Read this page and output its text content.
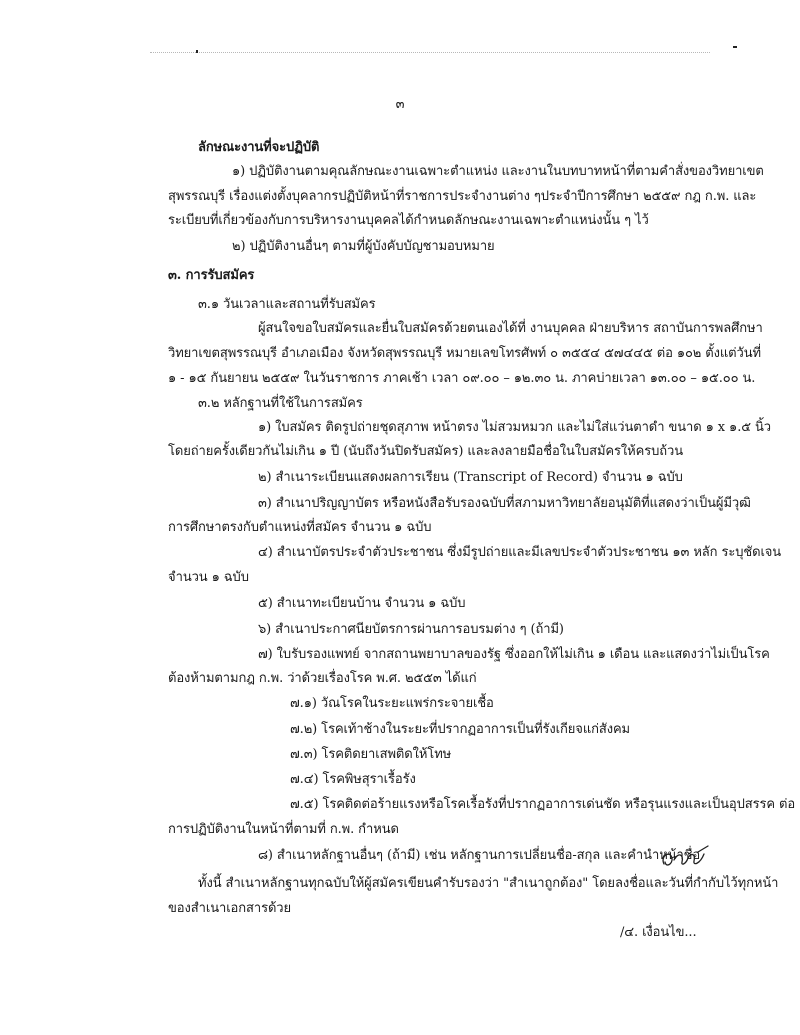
๓
ลักษณะงานที่จะปฏิบัติ
๑) ปฏิบัติงานตามคุณลักษณะงานเฉพาะตำแหน่ง และงานในบทบาทหน้าที่ตามคำสั่งของวิทยาเขต
สุพรรณบุรี เรื่องแต่งตั้งบุคลากรปฏิบัติหน้าที่ราชการประจำงานต่าง ๆประจำปีการศึกษา ๒๕๕๙ กฎ ก.พ. และ
ระเบียบที่เกี่ยวข้องกับการบริหารงานบุคคลได้กำหนดลักษณะงานเฉพาะตำแหน่งนั้น ๆ ไว้
๒) ปฏิบัติงานอื่นๆ ตามที่ผู้บังคับบัญชามอบหมาย
๓. การรับสมัคร
๓.๑ วันเวลาและสถานที่รับสมัคร
ผู้สนใจขอใบสมัครและยื่นใบสมัครด้วยตนเองได้ที่ งานบุคคล ฝ่ายบริหาร สถาบันการพลศึกษา
วิทยาเขตสุพรรณบุรี อำเภอเมือง จังหวัดสุพรรณบุรี หมายเลขโทรศัพท์ ๐ ๓๕๕๔ ๕๗๔๔๕ ต่อ ๑๐๒ ตั้งแต่วันที่
๑ - ๑๕ กันยายน ๒๕๕๙ ในวันราชการ ภาคเช้า เวลา ๐๙.๐๐ – ๑๒.๓๐ น. ภาคบ่ายเวลา ๑๓.๐๐ – ๑๕.๐๐ น.
๓.๒ หลักฐานที่ใช้ในการสมัคร
๑) ใบสมัคร ติดรูปถ่ายชุดสุภาพ หน้าตรง ไม่สวมหมวก และไม่ใส่แว่นตาดำ ขนาด ๑ x ๑.๕ นิ้ว
โดยถ่ายครั้งเดียวกันไม่เกิน ๑ ปี (นับถึงวันปิดรับสมัคร) และลงลายมือชื่อในใบสมัครให้ครบถ้วน
๒) สำเนาระเบียนแสดงผลการเรียน (Transcript of Record) จำนวน ๑ ฉบับ
๓) สำเนาปริญญาบัตร หรือหนังสือรับรองฉบับที่สภามหาวิทยาลัยอนุมัติที่แสดงว่าเป็นผู้มีวุฒิ
การศึกษาตรงกับตำแหน่งที่สมัคร จำนวน ๑ ฉบับ
๔) สำเนาบัตรประจำตัวประชาชน ซึ่งมีรูปถ่ายและมีเลขประจำตัวประชาชน ๑๓ หลัก ระบุชัดเจน
จำนวน ๑ ฉบับ
๕) สำเนาทะเบียนบ้าน จำนวน ๑ ฉบับ
๖) สำเนาประกาศนียบัตรการผ่านการอบรมต่าง ๆ (ถ้ามี)
๗) ใบรับรองแพทย์ จากสถานพยาบาลของรัฐ ซึ่งออกให้ไม่เกิน ๑ เดือน และแสดงว่าไม่เป็นโรค
ต้องห้ามตามกฎ ก.พ. ว่าด้วยเรื่องโรค พ.ศ. ๒๕๕๓ ได้แก่
๗.๑) วัณโรคในระยะแพร่กระจายเชื้อ
๗.๒) โรคเท้าช้างในระยะที่ปรากฏอาการเป็นที่รังเกียจแก่สังคม
๗.๓) โรคติดยาเสพติดให้โทษ
๗.๔) โรคพิษสุราเรื้อรัง
๗.๕) โรคติดต่อร้ายแรงหรือโรคเรื้อรังที่ปรากฏอาการเด่นชัด หรือรุนแรงและเป็นอุปสรรค ต่อ
การปฏิบัติงานในหน้าที่ตามที่ ก.พ. กำหนด
๘) สำเนาหลักฐานอื่นๆ (ถ้ามี) เช่น หลักฐานการเปลี่ยนชื่อ-สกุล และคำนำหน้าชื่อ
ทั้งนี้ สำเนาหลักฐานทุกฉบับให้ผู้สมัครเขียนคำรับรองว่า "สำเนาถูกต้อง" โดยลงชื่อและวันที่กำกับไว้ทุกหน้า
ของสำเนาเอกสารด้วย
/๔. เงื่อนไข...
